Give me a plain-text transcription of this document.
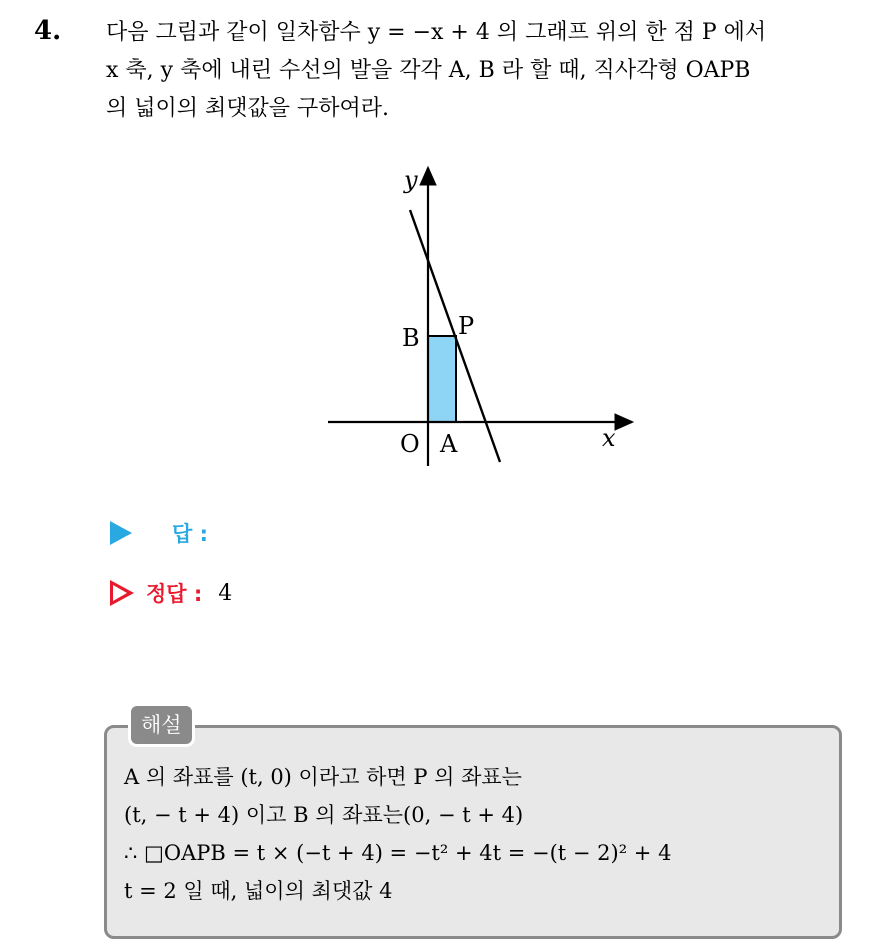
4. 다음 그림과 같이 일차함수 y = −x + 4 의 그래프 위의 한 점 P 에서

x 축, y 축에 내린 수선의 발을 각각 A, B 라 할 때, 직사각형 OAPB

의 넓이의 최댓값을 구하여라.

y
x
O A
B P
답 :
정답 : 4
해설

A 의 좌표를 (t, 0) 이라고 하면 P 의 좌표는

(t, − t + 4) 이고 B 의 좌표는(0, − t + 4)

∴ □OAPB = t × (−t + 4) = −t² + 4t = −(t − 2)² + 4

t = 2 일 때, 넓이의 최댓값 4
